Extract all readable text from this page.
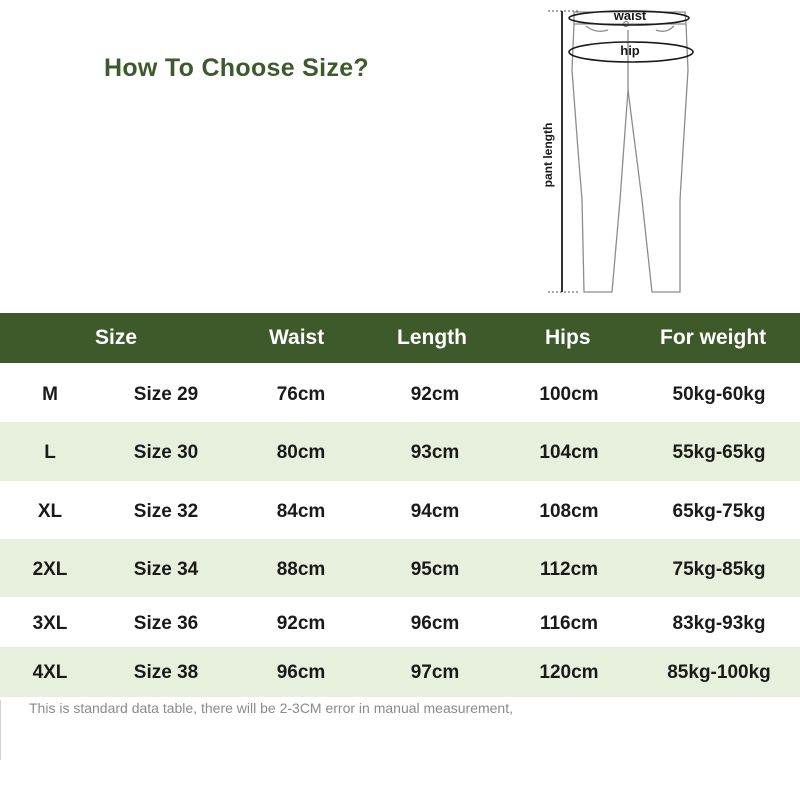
How To Choose Size?
waist
hip
pant length
Size	Waist	Length	Hips	For weight
M	Size 29	76cm	92cm	100cm	50kg-60kg
L	Size 30	80cm	93cm	104cm	55kg-65kg
XL	Size 32	84cm	94cm	108cm	65kg-75kg
2XL	Size 34	88cm	95cm	112cm	75kg-85kg
3XL	Size 36	92cm	96cm	116cm	83kg-93kg
4XL	Size 38	96cm	97cm	120cm	85kg-100kg
This is standard data table, there will be 2-3CM error in manual measurement,
